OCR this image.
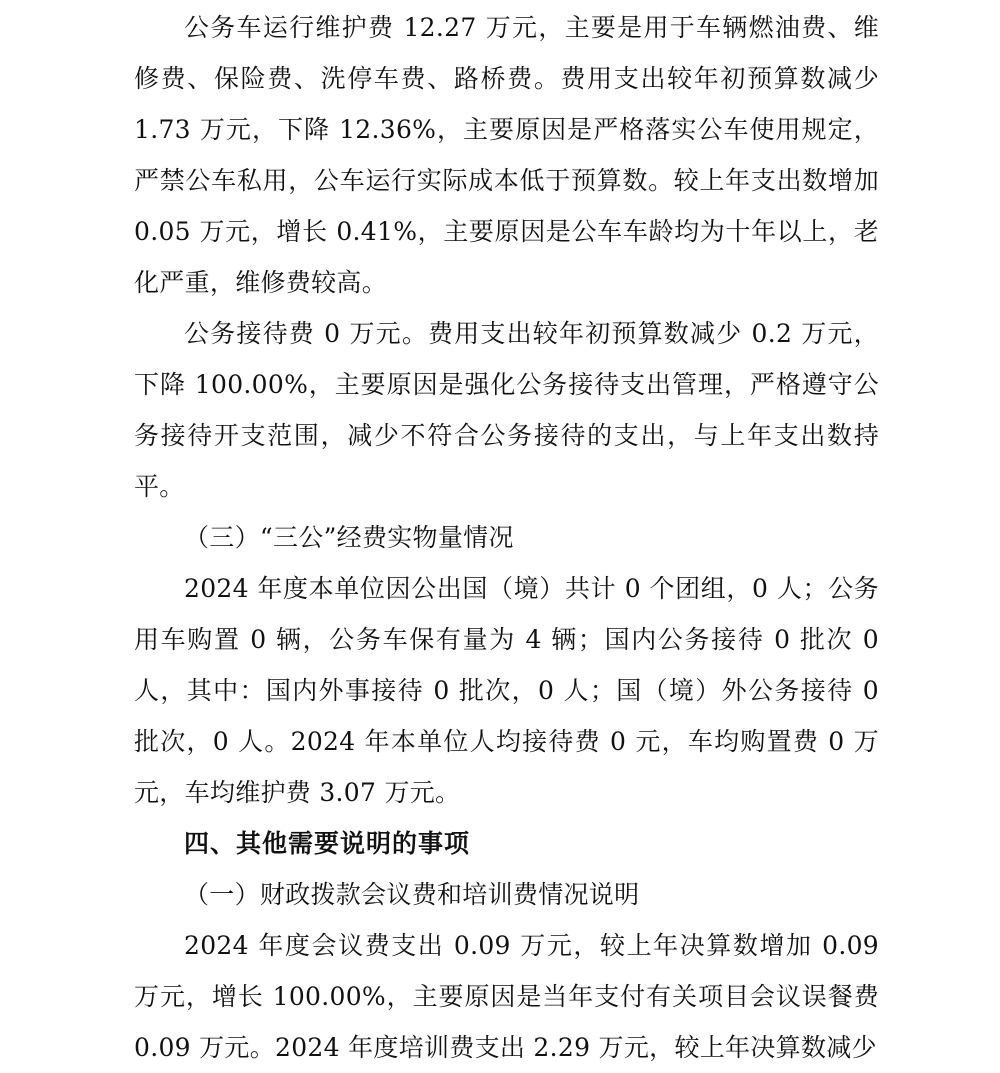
公务车运行维护费 12.27 万元，主要是用于车辆燃油费、维修费、保险费、洗停车费、路桥费。费用支出较年初预算数减少 1.73 万元，下降 12.36%，主要原因是严格落实公车使用规定，严禁公车私用，公车运行实际成本低于预算数。较上年支出数增加 0.05 万元，增长 0.41%，主要原因是公车车龄均为十年以上，老化严重，维修费较高。

公务接待费 0 万元。费用支出较年初预算数减少 0.2 万元，下降 100.00%，主要原因是强化公务接待支出管理，严格遵守公务接待开支范围，减少不符合公务接待的支出，与上年支出数持平。

（三）“三公”经费实物量情况

2024 年度本单位因公出国（境）共计 0 个团组，0 人；公务用车购置 0 辆，公务车保有量为 4 辆；国内公务接待 0 批次 0 人，其中：国内外事接待 0 批次，0 人；国（境）外公务接待 0 批次，0 人。2024 年本单位人均接待费 0 元，车均购置费 0 万元，车均维护费 3.07 万元。

四、其他需要说明的事项

（一）财政拨款会议费和培训费情况说明

2024 年度会议费支出 0.09 万元，较上年决算数增加 0.09 万元，增长 100.00%，主要原因是当年支付有关项目会议误餐费 0.09 万元。2024 年度培训费支出 2.29 万元，较上年决算数减少
